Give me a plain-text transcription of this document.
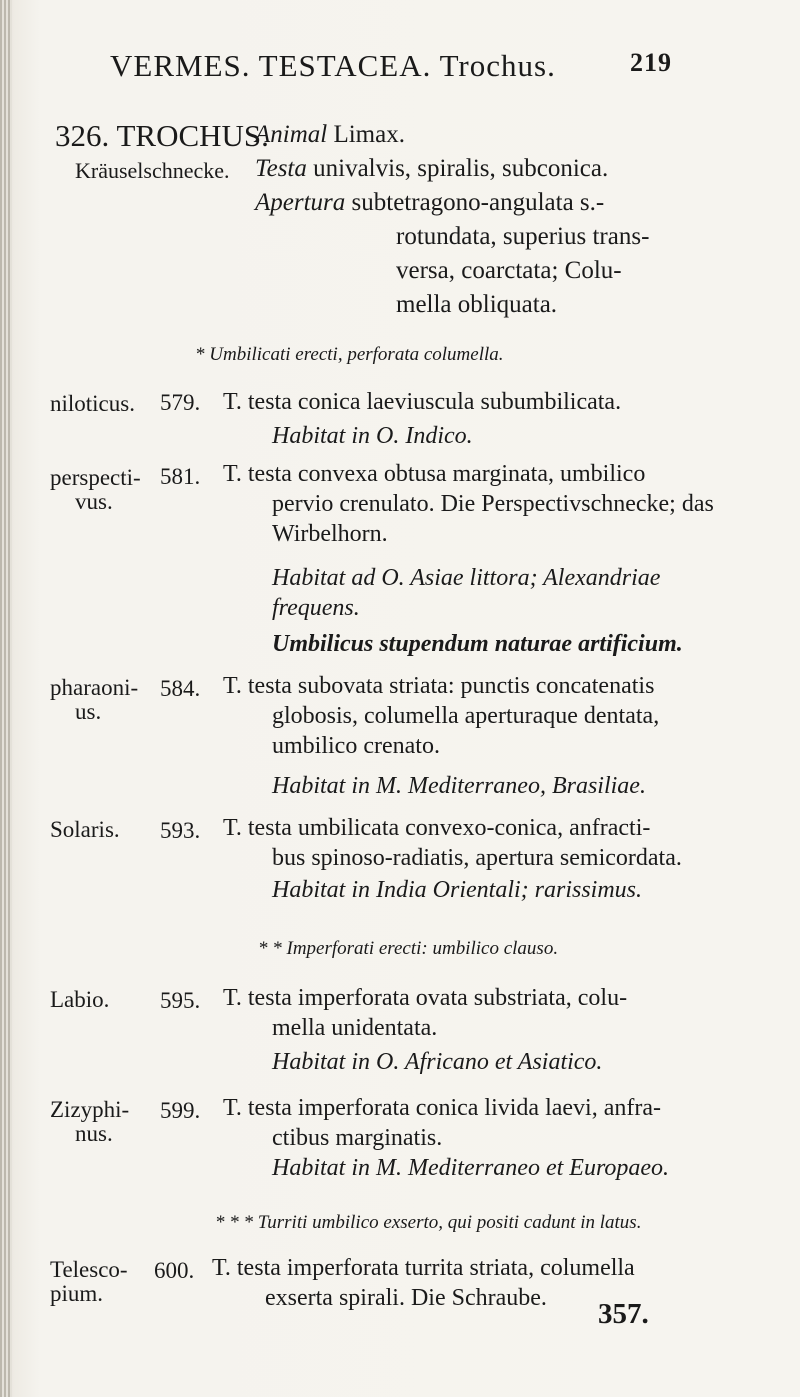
VERMES. TESTACEA. Trochus.	219
326. TROCHUS.
Kräuselschnecke.
Animal Limax.
Testa univalvis, spiralis, subconica.
Apertura subtetragono-angulata s.-
rotundata, superius trans-
versa, coarctata; Colu-
mella obliquata.
* Umbilicati erecti, perforata columella.
niloticus. 579. T. testa conica laeviuscula subumbilicata.
Habitat in O. Indico.
perspecti-
vus.
581. T. testa convexa obtusa marginata, umbilico
pervio crenulato. Die Perspectivschnecke; das
Wirbelhorn.
Habitat ad O. Asiae littora; Alexandriae
frequens.
Umbilicus stupendum naturae artificium.
pharaoni-
us.
584. T. testa subovata striata: punctis concatenatis
globosis, columella aperturaque dentata,
umbilico crenato.
Habitat in M. Mediterraneo, Brasiliae.
Solaris. 593. T. testa umbilicata convexo-conica, anfracti-
bus spinoso-radiatis, apertura semicordata.
Habitat in India Orientali; rarissimus.
* * Imperforati erecti: umbilico clauso.
Labio. 595. T. testa imperforata ovata substriata, colu-
mella unidentata.
Habitat in O. Africano et Asiatico.
Zizyphi-
nus.
599. T. testa imperforata conica livida laevi, anfra-
ctibus marginatis.
Habitat in M. Mediterraneo et Europaeo.
* * * Turriti umbilico exserto, qui positi cadunt in latus.
Telesco-
pium.
600. T. testa imperforata turrita striata, columella
exserta spirali. Die Schraube.	357.
